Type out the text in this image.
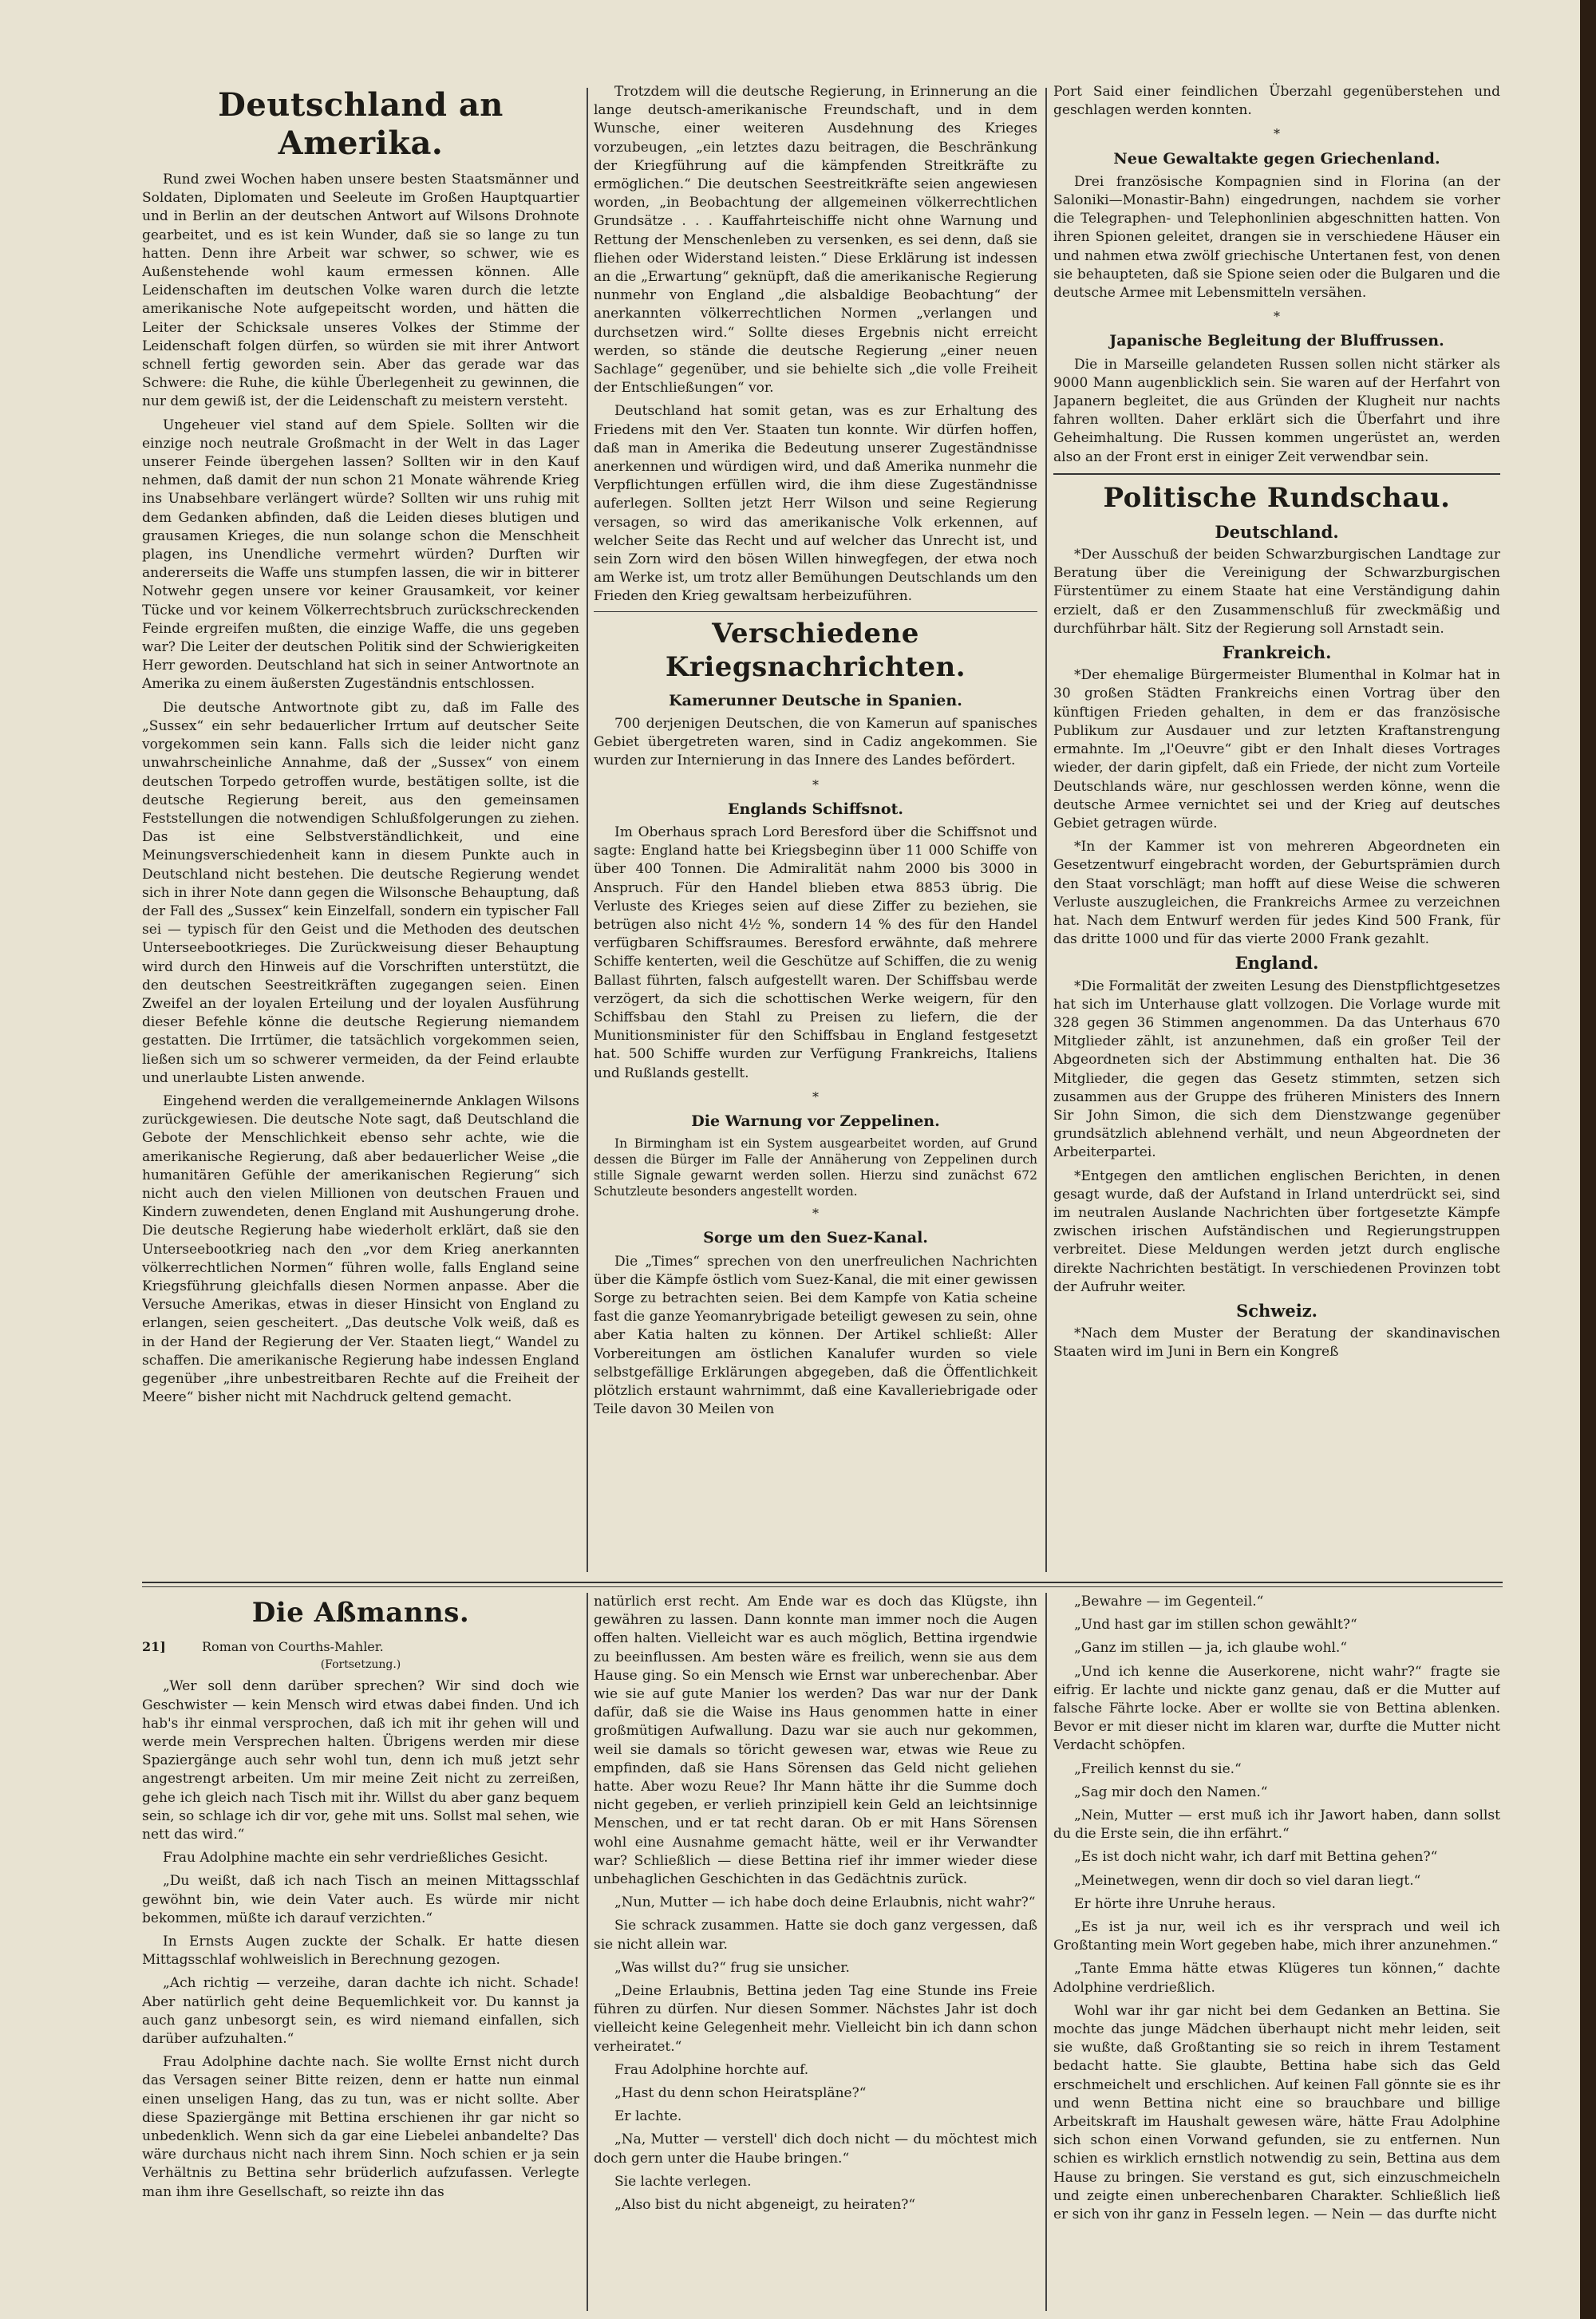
Deutschland an Amerika.

Rund zwei Wochen haben unsere besten Staatsmänner und Soldaten, Diplomaten und Seeleute im Großen Hauptquartier und in Berlin an der deutschen Antwort auf Wilsons Drohnote gearbeitet, und es ist kein Wunder, daß sie so lange zu tun hatten. Denn ihre Arbeit war schwer, so schwer, wie es Außenstehende wohl kaum ermessen können. Alle Leidenschaften im deutschen Volke waren durch die letzte amerikanische Note aufgepeitscht worden, und hätten die Leiter der Schicksale unseres Volkes der Stimme der Leidenschaft folgen dürfen, so würden sie mit ihrer Antwort schnell fertig geworden sein. Aber das gerade war das Schwere: die Ruhe, die kühle Überlegenheit zu gewinnen, die nur dem gewiß ist, der die Leidenschaft zu meistern versteht.

Ungeheuer viel stand auf dem Spiele. Sollten wir die einzige noch neutrale Großmacht in der Welt in das Lager unserer Feinde übergehen lassen? Sollten wir in den Kauf nehmen, daß damit der nun schon 21 Monate währende Krieg ins Unabsehbare verlängert würde? Sollten wir uns ruhig mit dem Gedanken abfinden, daß die Leiden dieses blutigen und grausamen Krieges, die nun solange schon die Menschheit plagen, ins Unendliche vermehrt würden? Durften wir andererseits die Waffe uns stumpfen lassen, die wir in bitterer Notwehr gegen unsere vor keiner Grausamkeit, vor keiner Tücke und vor keinem Völkerrechtsbruch zurückschreckenden Feinde ergreifen mußten, die einzige Waffe, die uns gegeben war? Die Leiter der deutschen Politik sind der Schwierigkeiten Herr geworden. Deutschland hat sich in seiner Antwortnote an Amerika zu einem äußersten Zugeständnis entschlossen.

Die deutsche Antwortnote gibt zu, daß im Falle des „Sussex“ ein sehr bedauerlicher Irrtum auf deutscher Seite vorgekommen sein kann. Falls sich die leider nicht ganz unwahrscheinliche Annahme, daß der „Sussex“ von einem deutschen Torpedo getroffen wurde, bestätigen sollte, ist die deutsche Regierung bereit, aus den gemeinsamen Feststellungen die notwendigen Schlußfolgerungen zu ziehen. Das ist eine Selbstverständlichkeit, und eine Meinungsverschiedenheit kann in diesem Punkte auch in Deutschland nicht bestehen. Die deutsche Regierung wendet sich in ihrer Note dann gegen die Wilsonsche Behauptung, daß der Fall des „Sussex“ kein Einzelfall, sondern ein typischer Fall sei — typisch für den Geist und die Methoden des deutschen Unterseebootkrieges. Die Zurückweisung dieser Behauptung wird durch den Hinweis auf die Vorschriften unterstützt, die den deutschen Seestreitkräften zugegangen seien. Einen Zweifel an der loyalen Erteilung und der loyalen Ausführung dieser Befehle könne die deutsche Regierung niemandem gestatten. Die Irrtümer, die tatsächlich vorgekommen seien, ließen sich um so schwerer vermeiden, da der Feind erlaubte und unerlaubte Listen anwende.

Eingehend werden die verallgemeinernde Anklagen Wilsons zurückgewiesen. Die deutsche Note sagt, daß Deutschland die Gebote der Menschlichkeit ebenso sehr achte, wie die amerikanische Regierung, daß aber bedauerlicher Weise „die humanitären Gefühle der amerikanischen Regierung“ sich nicht auch den vielen Millionen von deutschen Frauen und Kindern zuwendeten, denen England mit Aushungerung drohe. Die deutsche Regierung habe wiederholt erklärt, daß sie den Unterseebootkrieg nach den „vor dem Krieg anerkannten völkerrechtlichen Normen“ führen wolle, falls England seine Kriegsführung gleichfalls diesen Normen anpasse. Aber die Versuche Amerikas, etwas in dieser Hinsicht von England zu erlangen, seien gescheitert. „Das deutsche Volk weiß, daß es in der Hand der Regierung der Ver. Staaten liegt,“ Wandel zu schaffen. Die amerikanische Regierung habe indessen England gegenüber „ihre unbestreitbaren Rechte auf die Freiheit der Meere“ bisher nicht mit Nachdruck geltend gemacht.

Trotzdem will die deutsche Regierung, in Erinnerung an die lange deutsch-amerikanische Freundschaft, und in dem Wunsche, einer weiteren Ausdehnung des Krieges vorzubeugen, „ein letztes dazu beitragen, die Beschränkung der Kriegführung auf die kämpfenden Streitkräfte zu ermöglichen.“ Die deutschen Seestreitkräfte seien angewiesen worden, „in Beobachtung der allgemeinen völkerrechtlichen Grundsätze . . . Kauffahrteischiffe nicht ohne Warnung und Rettung der Menschenleben zu versenken, es sei denn, daß sie fliehen oder Widerstand leisten.“ Diese Erklärung ist indessen an die „Erwartung“ geknüpft, daß die amerikanische Regierung nunmehr von England „die alsbaldige Beobachtung“ der anerkannten völkerrechtlichen Normen „verlangen und durchsetzen wird.“ Sollte dieses Ergebnis nicht erreicht werden, so stände die deutsche Regierung „einer neuen Sachlage“ gegenüber, und sie behielte sich „die volle Freiheit der Entschließungen“ vor.

Deutschland hat somit getan, was es zur Erhaltung des Friedens mit den Ver. Staaten tun konnte. Wir dürfen hoffen, daß man in Amerika die Bedeutung unserer Zugeständnisse anerkennen und würdigen wird, und daß Amerika nunmehr die Verpflichtungen erfüllen wird, die ihm diese Zugeständnisse auferlegen. Sollten jetzt Herr Wilson und seine Regierung versagen, so wird das amerikanische Volk erkennen, auf welcher Seite das Recht und auf welcher das Unrecht ist, und sein Zorn wird den bösen Willen hinwegfegen, der etwa noch am Werke ist, um trotz aller Bemühungen Deutschlands um den Frieden den Krieg gewaltsam herbeizuführen.

Verschiedene Kriegsnachrichten.
Kamerunner Deutsche in Spanien.

700 derjenigen Deutschen, die von Kamerun auf spanisches Gebiet übergetreten waren, sind in Cadiz angekommen. Sie wurden zur Internierung in das Innere des Landes befördert.

*
Englands Schiffsnot.

Im Oberhaus sprach Lord Beresford über die Schiffsnot und sagte: England hatte bei Kriegsbeginn über 11 000 Schiffe von über 400 Tonnen. Die Admiralität nahm 2000 bis 3000 in Anspruch. Für den Handel blieben etwa 8853 übrig. Die Verluste des Krieges seien auf diese Ziffer zu beziehen, sie betrügen also nicht 4½ %, sondern 14 % des für den Handel verfügbaren Schiffsraumes. Beresford erwähnte, daß mehrere Schiffe kenterten, weil die Geschütze auf Schiffen, die zu wenig Ballast führten, falsch aufgestellt waren. Der Schiffsbau werde verzögert, da sich die schottischen Werke weigern, für den Schiffsbau den Stahl zu Preisen zu liefern, die der Munitionsminister für den Schiffsbau in England festgesetzt hat. 500 Schiffe wurden zur Verfügung Frankreichs, Italiens und Rußlands gestellt.

*
Die Warnung vor Zeppelinen.

In Birmingham ist ein System ausgearbeitet worden, auf Grund dessen die Bürger im Falle der Annäherung von Zeppelinen durch stille Signale gewarnt werden sollen. Hierzu sind zunächst 672 Schutzleute besonders angestellt worden.

*
Sorge um den Suez-Kanal.

Die „Times“ sprechen von den unerfreulichen Nachrichten über die Kämpfe östlich vom Suez-Kanal, die mit einer gewissen Sorge zu betrachten seien. Bei dem Kampfe von Katia scheine fast die ganze Yeomanrybrigade beteiligt gewesen zu sein, ohne aber Katia halten zu können. Der Artikel schließt: Aller Vorbereitungen am östlichen Kanalufer wurden so viele selbstgefällige Erklärungen abgegeben, daß die Öffentlichkeit plötzlich erstaunt wahrnimmt, daß eine Kavalleriebrigade oder Teile davon 30 Meilen von

Port Said einer feindlichen Überzahl gegenüberstehen und geschlagen werden konnten.

*
Neue Gewaltakte gegen Griechenland.

Drei französische Kompagnien sind in Florina (an der Saloniki—Monastir-Bahn) eingedrungen, nachdem sie vorher die Telegraphen- und Telephonlinien abgeschnitten hatten. Von ihren Spionen geleitet, drangen sie in verschiedene Häuser ein und nahmen etwa zwölf griechische Untertanen fest, von denen sie behaupteten, daß sie Spione seien oder die Bulgaren und die deutsche Armee mit Lebensmitteln versähen.

*
Japanische Begleitung der Bluffrussen.

Die in Marseille gelandeten Russen sollen nicht stärker als 9000 Mann augenblicklich sein. Sie waren auf der Herfahrt von Japanern begleitet, die aus Gründen der Klugheit nur nachts fahren wollten. Daher erklärt sich die Überfahrt und ihre Geheimhaltung. Die Russen kommen ungerüstet an, werden also an der Front erst in einiger Zeit verwendbar sein.

Politische Rundschau.
Deutschland.

*Der Ausschuß der beiden Schwarzburgischen Landtage zur Beratung über die Vereinigung der Schwarzburgischen Fürstentümer zu einem Staate hat eine Verständigung dahin erzielt, daß er den Zusammenschluß für zweckmäßig und durchführbar hält. Sitz der Regierung soll Arnstadt sein.

Frankreich.

*Der ehemalige Bürgermeister Blumenthal in Kolmar hat in 30 großen Städten Frankreichs einen Vortrag über den künftigen Frieden gehalten, in dem er das französische Publikum zur Ausdauer und zur letzten Kraftanstrengung ermahnte. Im „l'Oeuvre“ gibt er den Inhalt dieses Vortrages wieder, der darin gipfelt, daß ein Friede, der nicht zum Vorteile Deutschlands wäre, nur geschlossen werden könne, wenn die deutsche Armee vernichtet sei und der Krieg auf deutsches Gebiet getragen würde.

*In der Kammer ist von mehreren Abgeordneten ein Gesetzentwurf eingebracht worden, der Geburtsprämien durch den Staat vorschlägt; man hofft auf diese Weise die schweren Verluste auszugleichen, die Frankreichs Armee zu verzeichnen hat. Nach dem Entwurf werden für jedes Kind 500 Frank, für das dritte 1000 und für das vierte 2000 Frank gezahlt.

England.

*Die Formalität der zweiten Lesung des Dienstpflichtgesetzes hat sich im Unterhause glatt vollzogen. Die Vorlage wurde mit 328 gegen 36 Stimmen angenommen. Da das Unterhaus 670 Mitglieder zählt, ist anzunehmen, daß ein großer Teil der Abgeordneten sich der Abstimmung enthalten hat. Die 36 Mitglieder, die gegen das Gesetz stimmten, setzen sich zusammen aus der Gruppe des früheren Ministers des Innern Sir John Simon, die sich dem Dienstzwange gegenüber grundsätzlich ablehnend verhält, und neun Abgeordneten der Arbeiterpartei.

*Entgegen den amtlichen englischen Berichten, in denen gesagt wurde, daß der Aufstand in Irland unterdrückt sei, sind im neutralen Auslande Nachrichten über fortgesetzte Kämpfe zwischen irischen Aufständischen und Regierungstruppen verbreitet. Diese Meldungen werden jetzt durch englische direkte Nachrichten bestätigt. In verschiedenen Provinzen tobt der Aufruhr weiter.

Schweiz.

*Nach dem Muster der Beratung der skandinavischen Staaten wird im Juni in Bern ein Kongreß

Die Aßmanns.
21]	Roman von Courths-Mahler.
(Fortsetzung.)

„Wer soll denn darüber sprechen? Wir sind doch wie Geschwister — kein Mensch wird etwas dabei finden. Und ich hab's ihr einmal versprochen, daß ich mit ihr gehen will und werde mein Versprechen halten. Übrigens werden mir diese Spaziergänge auch sehr wohl tun, denn ich muß jetzt sehr angestrengt arbeiten. Um mir meine Zeit nicht zu zerreißen, gehe ich gleich nach Tisch mit ihr. Willst du aber ganz bequem sein, so schlage ich dir vor, gehe mit uns. Sollst mal sehen, wie nett das wird.“

Frau Adolphine machte ein sehr verdrießliches Gesicht.

„Du weißt, daß ich nach Tisch an meinen Mittagsschlaf gewöhnt bin, wie dein Vater auch. Es würde mir nicht bekommen, müßte ich darauf verzichten.“

In Ernsts Augen zuckte der Schalk. Er hatte diesen Mittagsschlaf wohlweislich in Berechnung gezogen.

„Ach richtig — verzeihe, daran dachte ich nicht. Schade! Aber natürlich geht deine Bequemlichkeit vor. Du kannst ja auch ganz unbesorgt sein, es wird niemand einfallen, sich darüber aufzuhalten.“

Frau Adolphine dachte nach. Sie wollte Ernst nicht durch das Versagen seiner Bitte reizen, denn er hatte nun einmal einen unseligen Hang, das zu tun, was er nicht sollte. Aber diese Spaziergänge mit Bettina erschienen ihr gar nicht so unbedenklich. Wenn sich da gar eine Liebelei anbandelte? Das wäre durchaus nicht nach ihrem Sinn. Noch schien er ja sein Verhältnis zu Bettina sehr brüderlich aufzufassen. Verlegte man ihm ihre Gesellschaft, so reizte ihn das

natürlich erst recht. Am Ende war es doch das Klügste, ihn gewähren zu lassen. Dann konnte man immer noch die Augen offen halten. Vielleicht war es auch möglich, Bettina irgendwie zu beeinflussen. Am besten wäre es freilich, wenn sie aus dem Hause ging. So ein Mensch wie Ernst war unberechenbar. Aber wie sie auf gute Manier los werden? Das war nur der Dank dafür, daß sie die Waise ins Haus genommen hatte in einer großmütigen Aufwallung. Dazu war sie auch nur gekommen, weil sie damals so töricht gewesen war, etwas wie Reue zu empfinden, daß sie Hans Sörensen das Geld nicht geliehen hatte. Aber wozu Reue? Ihr Mann hätte ihr die Summe doch nicht gegeben, er verlieh prinzipiell kein Geld an leichtsinnige Menschen, und er tat recht daran. Ob er mit Hans Sörensen wohl eine Ausnahme gemacht hätte, weil er ihr Verwandter war? Schließlich — diese Bettina rief ihr immer wieder diese unbehaglichen Geschichten in das Gedächtnis zurück.

„Nun, Mutter — ich habe doch deine Erlaubnis, nicht wahr?“

Sie schrack zusammen. Hatte sie doch ganz vergessen, daß sie nicht allein war.

„Was willst du?“ frug sie unsicher.

„Deine Erlaubnis, Bettina jeden Tag eine Stunde ins Freie führen zu dürfen. Nur diesen Sommer. Nächstes Jahr ist doch vielleicht keine Gelegenheit mehr. Vielleicht bin ich dann schon verheiratet.“

Frau Adolphine horchte auf.

„Hast du denn schon Heiratspläne?“

Er lachte.

„Na, Mutter — verstell' dich doch nicht — du möchtest mich doch gern unter die Haube bringen.“

Sie lachte verlegen.

„Also bist du nicht abgeneigt, zu heiraten?“

„Bewahre — im Gegenteil.“

„Und hast gar im stillen schon gewählt?“

„Ganz im stillen — ja, ich glaube wohl.“

„Und ich kenne die Auserkorene, nicht wahr?“ fragte sie eifrig. Er lachte und nickte ganz genau, daß er die Mutter auf falsche Fährte locke. Aber er wollte sie von Bettina ablenken. Bevor er mit dieser nicht im klaren war, durfte die Mutter nicht Verdacht schöpfen.

„Freilich kennst du sie.“

„Sag mir doch den Namen.“

„Nein, Mutter — erst muß ich ihr Jawort haben, dann sollst du die Erste sein, die ihn erfährt.“

„Es ist doch nicht wahr, ich darf mit Bettina gehen?“

„Meinetwegen, wenn dir doch so viel daran liegt.“

Er hörte ihre Unruhe heraus.

„Es ist ja nur, weil ich es ihr versprach und weil ich Großtanting mein Wort gegeben habe, mich ihrer anzunehmen.“

„Tante Emma hätte etwas Klügeres tun können,“ dachte Adolphine verdrießlich.

Wohl war ihr gar nicht bei dem Gedanken an Bettina. Sie mochte das junge Mädchen überhaupt nicht mehr leiden, seit sie wußte, daß Großtanting sie so reich in ihrem Testament bedacht hatte. Sie glaubte, Bettina habe sich das Geld erschmeichelt und erschlichen. Auf keinen Fall gönnte sie es ihr und wenn Bettina nicht eine so brauchbare und billige Arbeitskraft im Haushalt gewesen wäre, hätte Frau Adolphine sich schon einen Vorwand gefunden, sie zu entfernen. Nun schien es wirklich ernstlich notwendig zu sein, Bettina aus dem Hause zu bringen. Sie verstand es gut, sich einzuschmeicheln und zeigte einen unberechenbaren Charakter. Schließlich ließ er sich von ihr ganz in Fesseln legen. — Nein — das durfte nicht
